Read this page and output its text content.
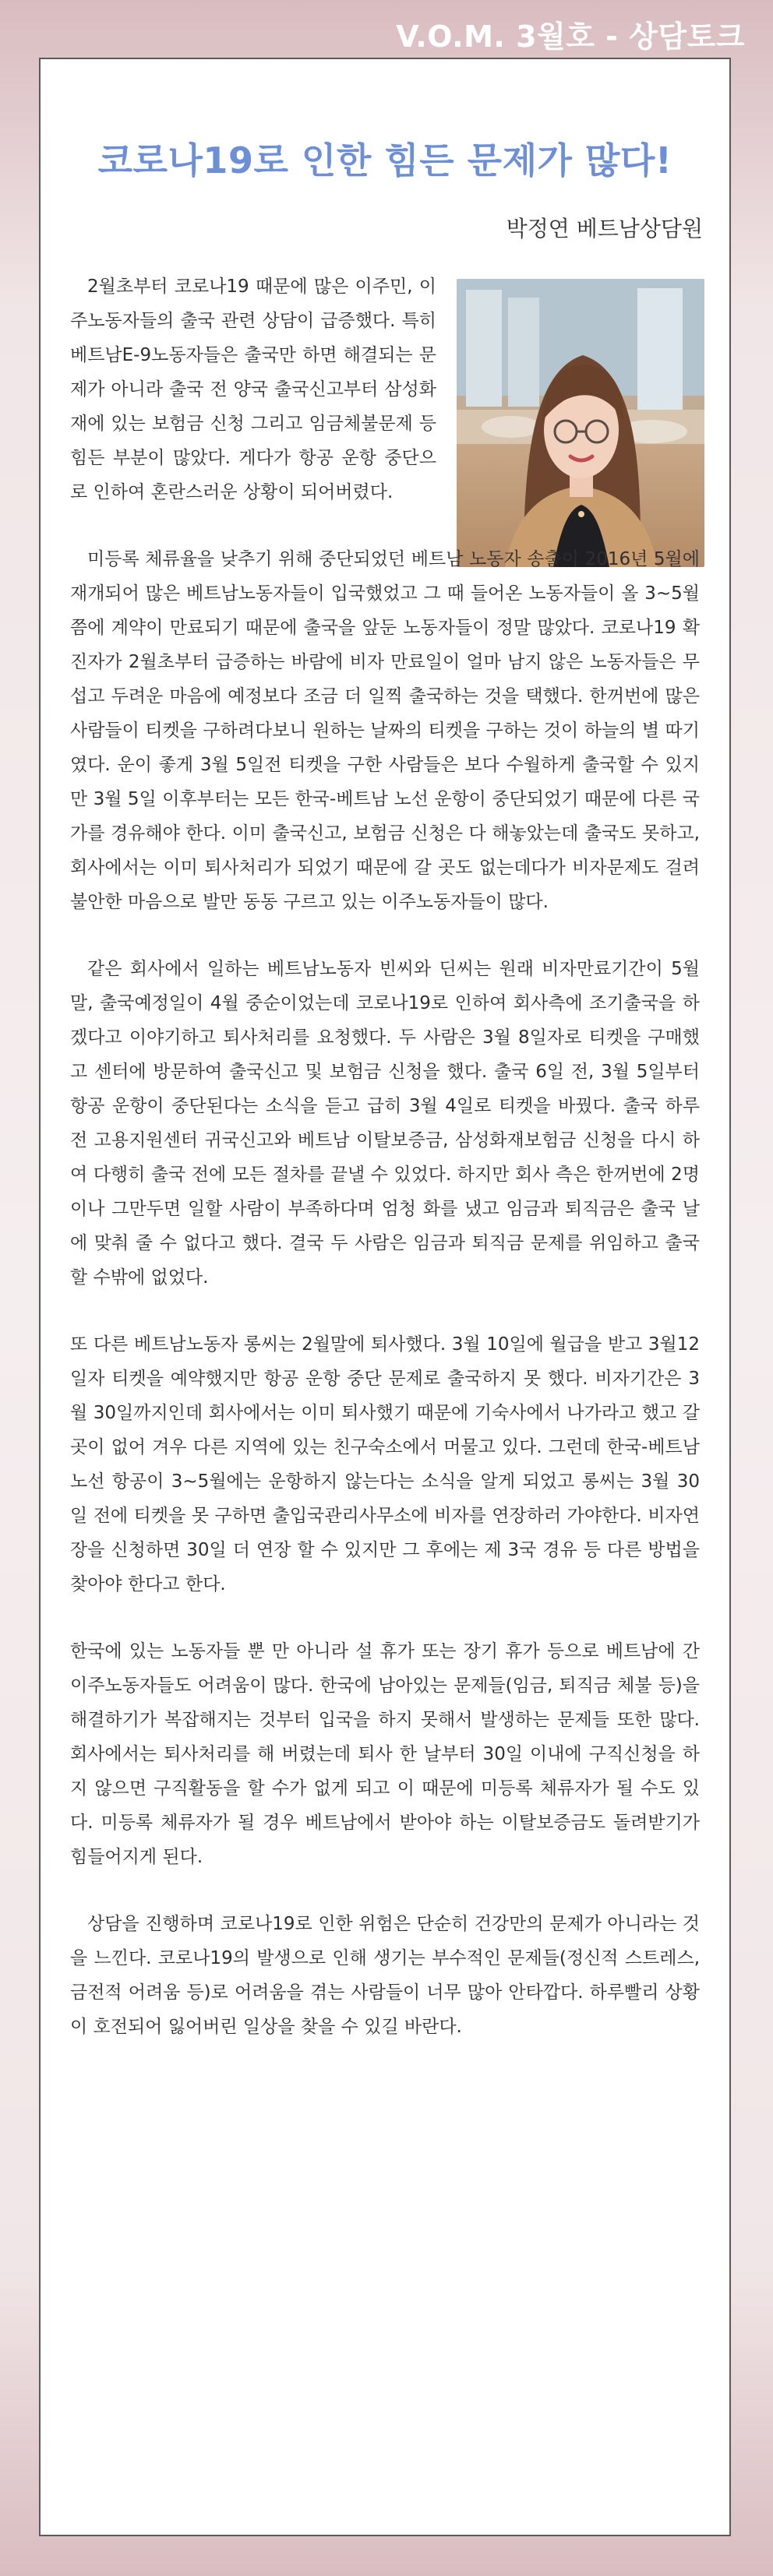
V.O.M. 3월호 - 상담토크
코로나19로 인한 힘든 문제가 많다!

박정연 베트남상담원

2월초부터 코로나19 때문에 많은 이주민, 이주노동자들의 출국 관련 상담이 급증했다. 특히 베트남E-9노동자들은 출국만 하면 해결되는 문제가 아니라 출국 전 양국 출국신고부터 삼성화재에 있는 보험금 신청 그리고 임금체불문제 등 힘든 부분이 많았다. 게다가 항공 운항 중단으로 인하여 혼란스러운 상황이 되어버렸다.

미등록 체류율을 낮추기 위해 중단되었던 베트남 노동자 송출이 2016년 5월에 재개되어 많은 베트남노동자들이 입국했었고 그 때 들어온 노동자들이 올 3~5월쯤에 계약이 만료되기 때문에 출국을 앞둔 노동자들이 정말 많았다. 코로나19 확진자가 2월초부터 급증하는 바람에 비자 만료일이 얼마 남지 않은 노동자들은 무섭고 두려운 마음에 예정보다 조금 더 일찍 출국하는 것을 택했다. 한꺼번에 많은 사람들이 티켓을 구하려다보니 원하는 날짜의 티켓을 구하는 것이 하늘의 별 따기였다. 운이 좋게 3월 5일전 티켓을 구한 사람들은 보다 수월하게 출국할 수 있지만 3월 5일 이후부터는 모든 한국-베트남 노선 운항이 중단되었기 때문에 다른 국가를 경유해야 한다. 이미 출국신고, 보험금 신청은 다 해놓았는데 출국도 못하고, 회사에서는 이미 퇴사처리가 되었기 때문에 갈 곳도 없는데다가 비자문제도 걸려 불안한 마음으로 발만 동동 구르고 있는 이주노동자들이 많다.

같은 회사에서 일하는 베트남노동자 빈씨와 딘씨는 원래 비자만료기간이 5월말, 출국예정일이 4월 중순이었는데 코로나19로 인하여 회사측에 조기출국을 하겠다고 이야기하고 퇴사처리를 요청했다. 두 사람은 3월 8일자로 티켓을 구매했고 센터에 방문하여 출국신고 및 보험금 신청을 했다. 출국 6일 전, 3월 5일부터 항공 운항이 중단된다는 소식을 듣고 급히 3월 4일로 티켓을 바꿨다. 출국 하루 전 고용지원센터 귀국신고와 베트남 이탈보증금, 삼성화재보험금 신청을 다시 하여 다행히 출국 전에 모든 절차를 끝낼 수 있었다. 하지만 회사 측은 한꺼번에 2명이나 그만두면 일할 사람이 부족하다며 엄청 화를 냈고 임금과 퇴직금은 출국 날에 맞춰 줄 수 없다고 했다. 결국 두 사람은 임금과 퇴직금 문제를 위임하고 출국 할 수밖에 없었다.

또 다른 베트남노동자 롱씨는 2월말에 퇴사했다. 3월 10일에 월급을 받고 3월12일자 티켓을 예약했지만 항공 운항 중단 문제로 출국하지 못 했다. 비자기간은 3월 30일까지인데 회사에서는 이미 퇴사했기 때문에 기숙사에서 나가라고 했고 갈 곳이 없어 겨우 다른 지역에 있는 친구숙소에서 머물고 있다. 그런데 한국-베트남 노선 항공이 3~5월에는 운항하지 않는다는 소식을 알게 되었고 롱씨는 3월 30일 전에 티켓을 못 구하면 출입국관리사무소에 비자를 연장하러 가야한다. 비자연장을 신청하면 30일 더 연장 할 수 있지만 그 후에는 제 3국 경유 등 다른 방법을 찾아야 한다고 한다.

한국에 있는 노동자들 뿐 만 아니라 설 휴가 또는 장기 휴가 등으로 베트남에 간 이주노동자들도 어려움이 많다. 한국에 남아있는 문제들(임금, 퇴직금 체불 등)을 해결하기가 복잡해지는 것부터 입국을 하지 못해서 발생하는 문제들 또한 많다. 회사에서는 퇴사처리를 해 버렸는데 퇴사 한 날부터 30일 이내에 구직신청을 하지 않으면 구직활동을 할 수가 없게 되고 이 때문에 미등록 체류자가 될 수도 있다. 미등록 체류자가 될 경우 베트남에서 받아야 하는 이탈보증금도 돌려받기가 힘들어지게 된다.

상담을 진행하며 코로나19로 인한 위험은 단순히 건강만의 문제가 아니라는 것을 느낀다. 코로나19의 발생으로 인해 생기는 부수적인 문제들(정신적 스트레스, 금전적 어려움 등)로 어려움을 겪는 사람들이 너무 많아 안타깝다. 하루빨리 상황이 호전되어 잃어버린 일상을 찾을 수 있길 바란다.
